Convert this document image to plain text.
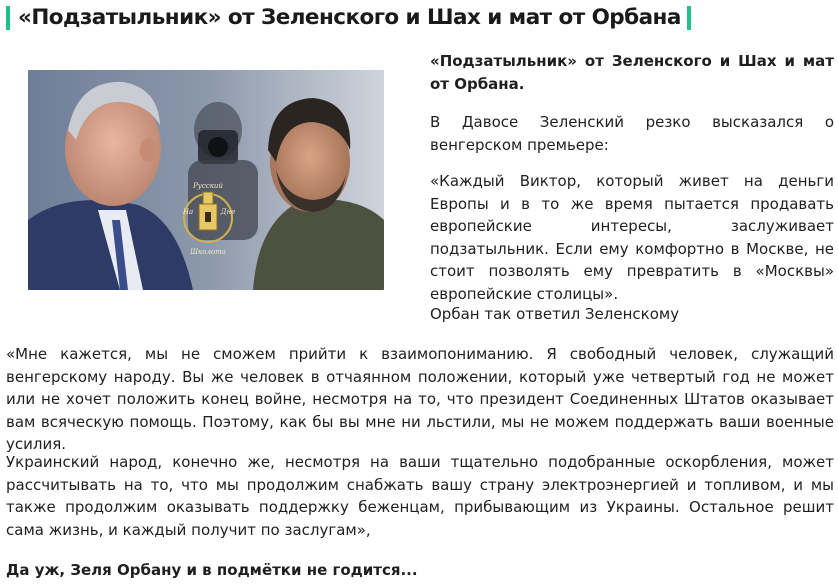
«Подзатыльник» от Зеленского и Шах и мат от Орбана
Русский
На	Дне
Школота

«Подзатыльник» от Зеленского и Шах и мат от Орбана.

В Давосе Зеленский резко высказался о венгерском премьере:

«Каждый Виктор, который живет на деньги Европы и в то же время пытается продавать европейские интересы, заслуживает подзатыльник. Если ему комфортно в Москве, не стоит позволять ему превратить в «Москвы» европейские столицы».

Орбан так ответил Зеленскому

«Мне кажется, мы не сможем прийти к взаимопониманию. Я свободный человек, служащий венгерскому народу. Вы же человек в отчаянном положении, который уже четвертый год не может или не хочет положить конец войне, несмотря на то, что президент Соединенных Штатов оказывает вам всяческую помощь. Поэтому, как бы вы мне ни льстили, мы не можем поддержать ваши военные усилия.

Украинский народ, конечно же, несмотря на ваши тщательно подобранные оскорбления, может рассчитывать на то, что мы продолжим снабжать вашу страну электроэнергией и топливом, и мы также продолжим оказывать поддержку беженцам, прибывающим из Украины. Остальное решит сама жизнь, и каждый получит по заслугам»,

Да уж, Зеля Орбану и в подмётки не годится...
